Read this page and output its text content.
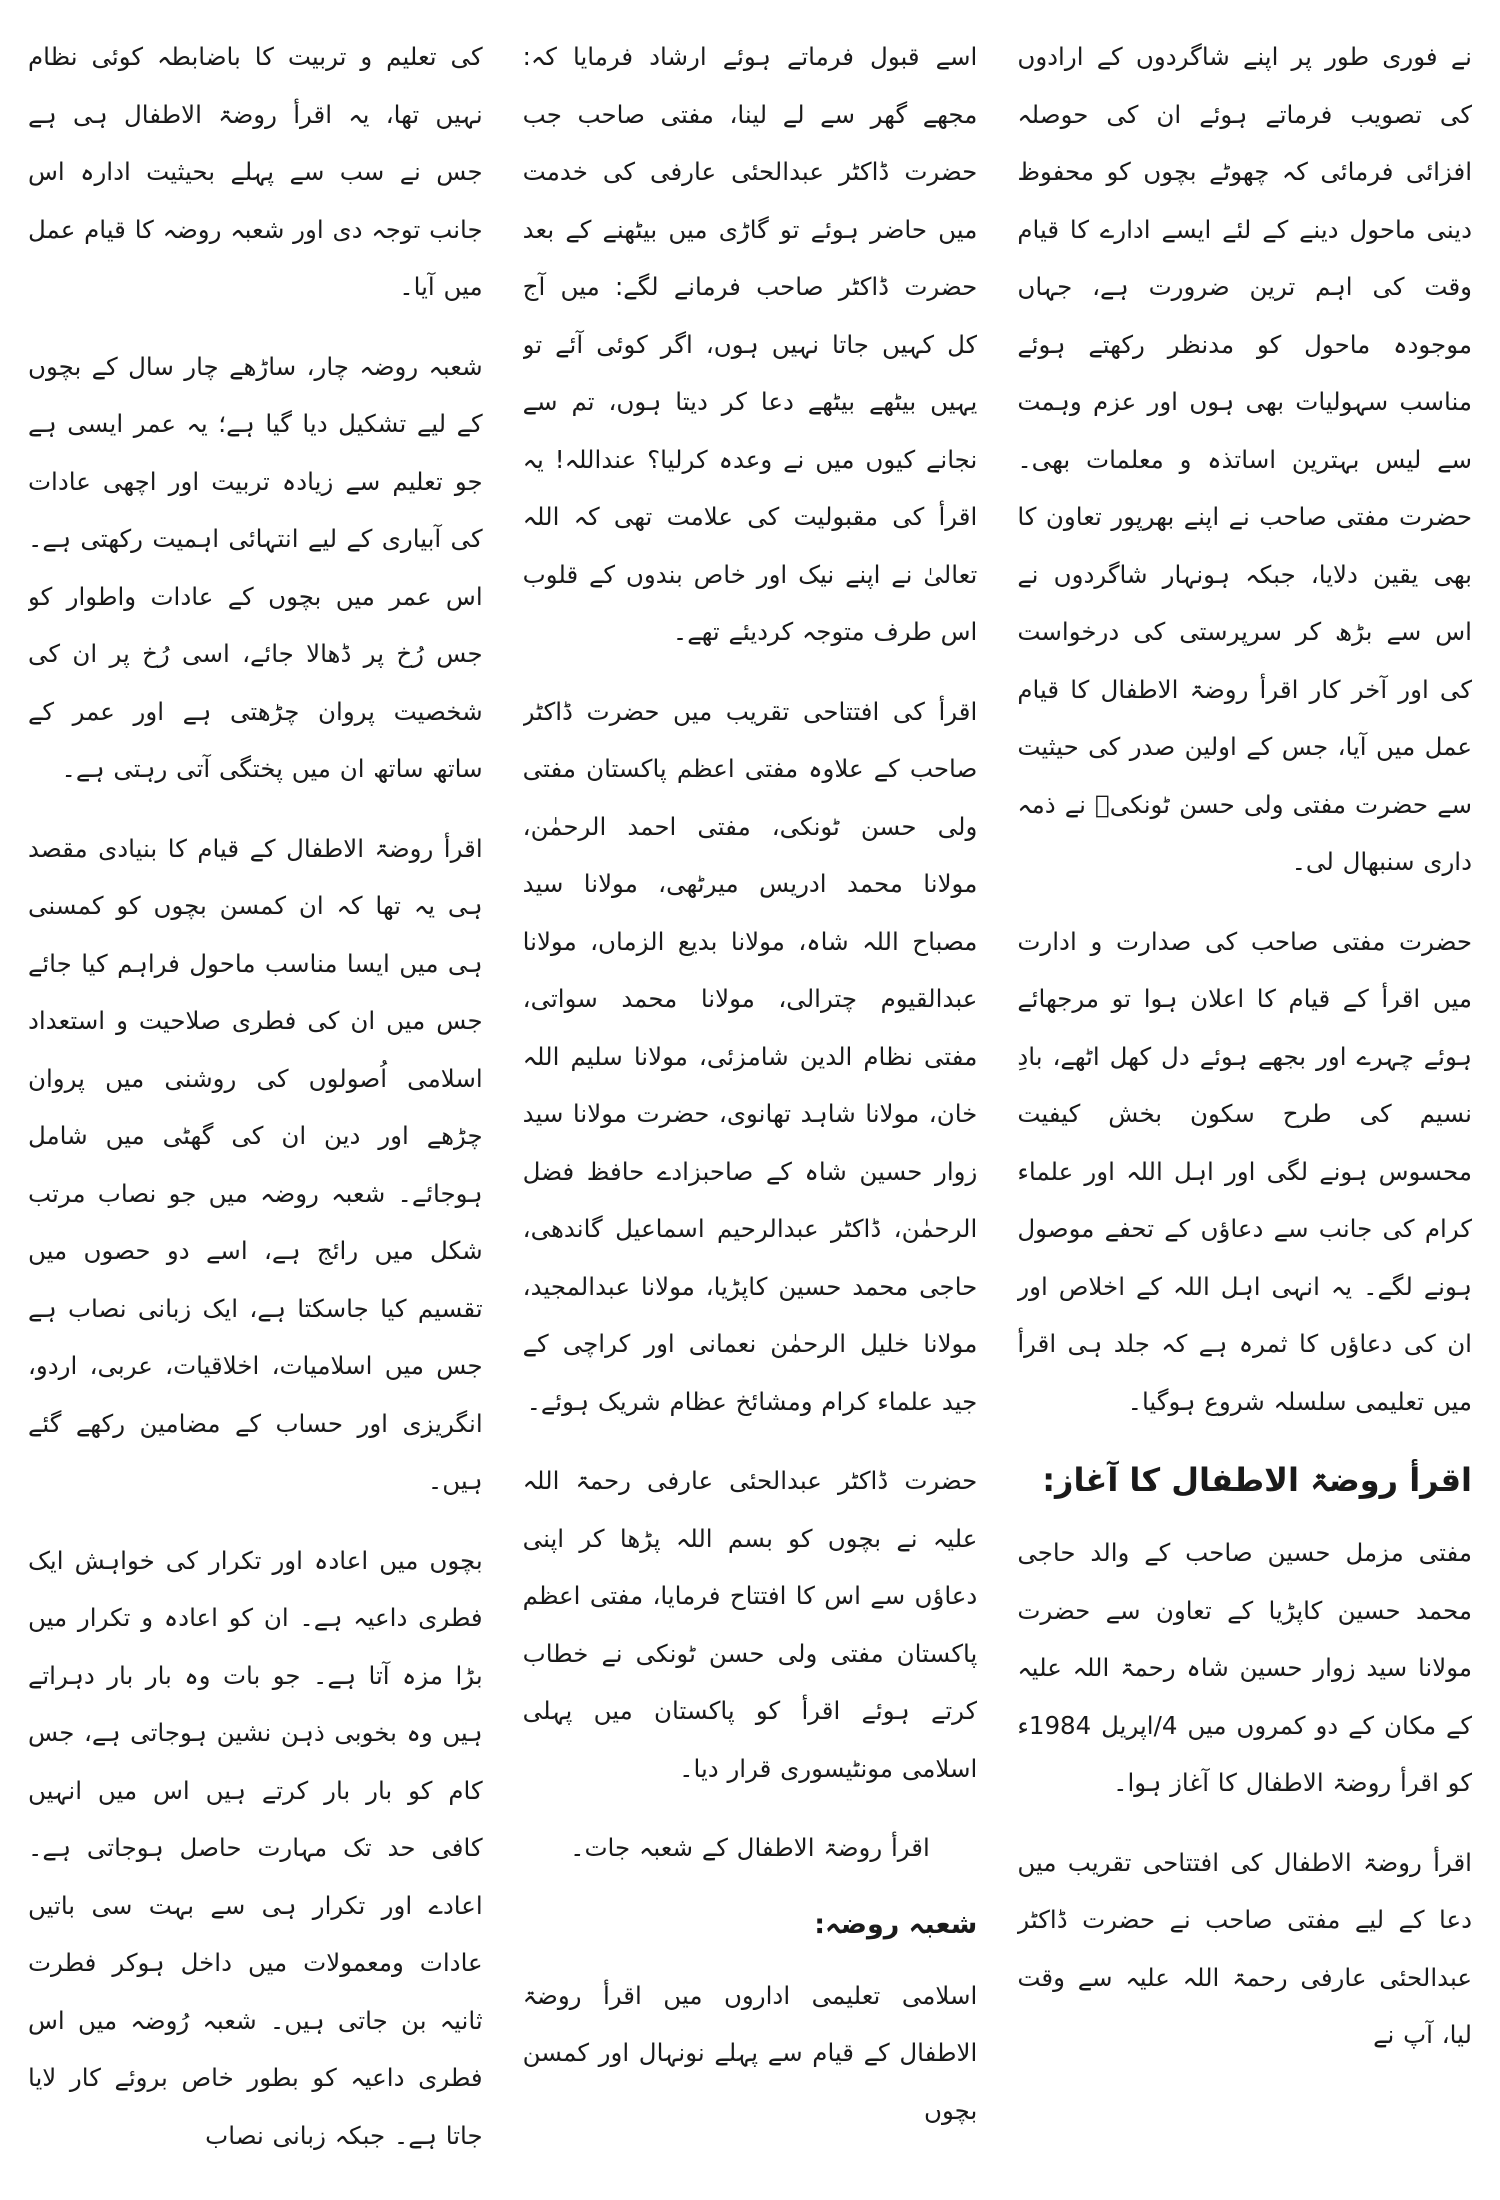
نے فوری طور پر اپنے شاگردوں کے ارادوں کی تصویب فرماتے ہوئے ان کی حوصلہ افزائی فرمائی کہ چھوٹے بچوں کو محفوظ دینی ماحول دینے کے لئے ایسے ادارے کا قیام وقت کی اہم ترین ضرورت ہے، جہاں موجودہ ماحول کو مدنظر رکھتے ہوئے مناسب سہولیات بھی ہوں اور عزم وہمت سے لیس بہترین اساتذہ و معلمات بھی۔ حضرت مفتی صاحب نے اپنے بھرپور تعاون کا بھی یقین دلایا، جبکہ ہونہار شاگردوں نے اس سے بڑھ کر سرپرستی کی درخواست کی اور آخر کار اقرأ روضۃ الاطفال کا قیام عمل میں آیا، جس کے اولین صدر کی حیثیت سے حضرت مفتی ولی حسن ٹونکیؒ نے ذمہ داری سنبھال لی۔

حضرت مفتی صاحب کی صدارت و ادارت میں اقرأ کے قیام کا اعلان ہوا تو مرجھائے ہوئے چہرے اور بجھے ہوئے دل کھل اٹھے، بادِ نسیم کی طرح سکون بخش کیفیت محسوس ہونے لگی اور اہل اللہ اور علماء کرام کی جانب سے دعاؤں کے تحفے موصول ہونے لگے۔ یہ انہی اہل اللہ کے اخلاص اور ان کی دعاؤں کا ثمرہ ہے کہ جلد ہی اقرأ میں تعلیمی سلسلہ شروع ہوگیا۔

اقرأ روضۃ الاطفال کا آغاز:

مفتی مزمل حسین صاحب کے والد حاجی محمد حسین کاپڑیا کے تعاون سے حضرت مولانا سید زوار حسین شاہ رحمۃ اللہ علیہ کے مکان کے دو کمروں میں 4/اپریل 1984ء کو اقرأ روضۃ الاطفال کا آغاز ہوا۔

اقرأ روضۃ الاطفال کی افتتاحی تقریب میں دعا کے لیے مفتی صاحب نے حضرت ڈاکٹر عبدالحئی عارفی رحمۃ اللہ علیہ سے وقت لیا، آپ نے

اسے قبول فرماتے ہوئے ارشاد فرمایا کہ: مجھے گھر سے لے لینا، مفتی صاحب جب حضرت ڈاکٹر عبدالحئی عارفی کی خدمت میں حاضر ہوئے تو گاڑی میں بیٹھنے کے بعد حضرت ڈاکٹر صاحب فرمانے لگے: میں آج کل کہیں جاتا نہیں ہوں، اگر کوئی آئے تو یہیں بیٹھے بیٹھے دعا کر دیتا ہوں، تم سے نجانے کیوں میں نے وعدہ کرلیا؟ عنداللہ! یہ اقرأ کی مقبولیت کی علامت تھی کہ اللہ تعالیٰ نے اپنے نیک اور خاص بندوں کے قلوب اس طرف متوجہ کردیئے تھے۔

اقرأ کی افتتاحی تقریب میں حضرت ڈاکٹر صاحب کے علاوہ مفتی اعظم پاکستان مفتی ولی حسن ٹونکی، مفتی احمد الرحمٰن، مولانا محمد ادریس میرٹھی، مولانا سید مصباح اللہ شاہ، مولانا بدیع الزماں، مولانا عبدالقیوم چترالی، مولانا محمد سواتی، مفتی نظام الدین شامزئی، مولانا سلیم اللہ خان، مولانا شاہد تھانوی، حضرت مولانا سید زوار حسین شاہ کے صاحبزادے حافظ فضل الرحمٰن، ڈاکٹر عبدالرحیم اسماعیل گاندھی، حاجی محمد حسین کاپڑیا، مولانا عبدالمجید، مولانا خلیل الرحمٰن نعمانی اور کراچی کے جید علماء کرام ومشائخ عظام شریک ہوئے۔

حضرت ڈاکٹر عبدالحئی عارفی رحمۃ اللہ علیہ نے بچوں کو بسم اللہ پڑھا کر اپنی دعاؤں سے اس کا افتتاح فرمایا، مفتی اعظم پاکستان مفتی ولی حسن ٹونکی نے خطاب کرتے ہوئے اقرأ کو پاکستان میں پہلی اسلامی مونٹیسوری قرار دیا۔

اقرأ روضۃ الاطفال کے شعبہ جات۔

شعبہ روضہ:

اسلامی تعلیمی اداروں میں اقرأ روضۃ الاطفال کے قیام سے پہلے نونہال اور کمسن بچوں

کی تعلیم و تربیت کا باضابطہ کوئی نظام نہیں تھا، یہ اقرأ روضۃ الاطفال ہی ہے جس نے سب سے پہلے بحیثیت ادارہ اس جانب توجہ دی اور شعبہ روضہ کا قیام عمل میں آیا۔

شعبہ روضہ چار، ساڑھے چار سال کے بچوں کے لیے تشکیل دیا گیا ہے؛ یہ عمر ایسی ہے جو تعلیم سے زیادہ تربیت اور اچھی عادات کی آبیاری کے لیے انتہائی اہمیت رکھتی ہے۔ اس عمر میں بچوں کے عادات واطوار کو جس رُخ پر ڈھالا جائے، اسی رُخ پر ان کی شخصیت پروان چڑھتی ہے اور عمر کے ساتھ ساتھ ان میں پختگی آتی رہتی ہے۔

اقرأ روضۃ الاطفال کے قیام کا بنیادی مقصد ہی یہ تھا کہ ان کمسن بچوں کو کمسنی ہی میں ایسا مناسب ماحول فراہم کیا جائے جس میں ان کی فطری صلاحیت و استعداد اسلامی اُصولوں کی روشنی میں پروان چڑھے اور دین ان کی گھٹی میں شامل ہوجائے۔ شعبہ روضہ میں جو نصاب مرتب شکل میں رائج ہے، اسے دو حصوں میں تقسیم کیا جاسکتا ہے، ایک زبانی نصاب ہے جس میں اسلامیات، اخلاقیات، عربی، اردو، انگریزی اور حساب کے مضامین رکھے گئے ہیں۔

بچوں میں اعادہ اور تکرار کی خواہش ایک فطری داعیہ ہے۔ ان کو اعادہ و تکرار میں بڑا مزہ آتا ہے۔ جو بات وہ بار بار دہراتے ہیں وہ بخوبی ذہن نشین ہوجاتی ہے، جس کام کو بار بار کرتے ہیں اس میں انہیں کافی حد تک مہارت حاصل ہوجاتی ہے۔ اعادے اور تکرار ہی سے بہت سی باتیں عادات ومعمولات میں داخل ہوکر فطرت ثانیہ بن جاتی ہیں۔ شعبہ رُوضہ میں اس فطری داعیہ کو بطور خاص بروئے کار لایا جاتا ہے۔ جبکہ زبانی نصاب
